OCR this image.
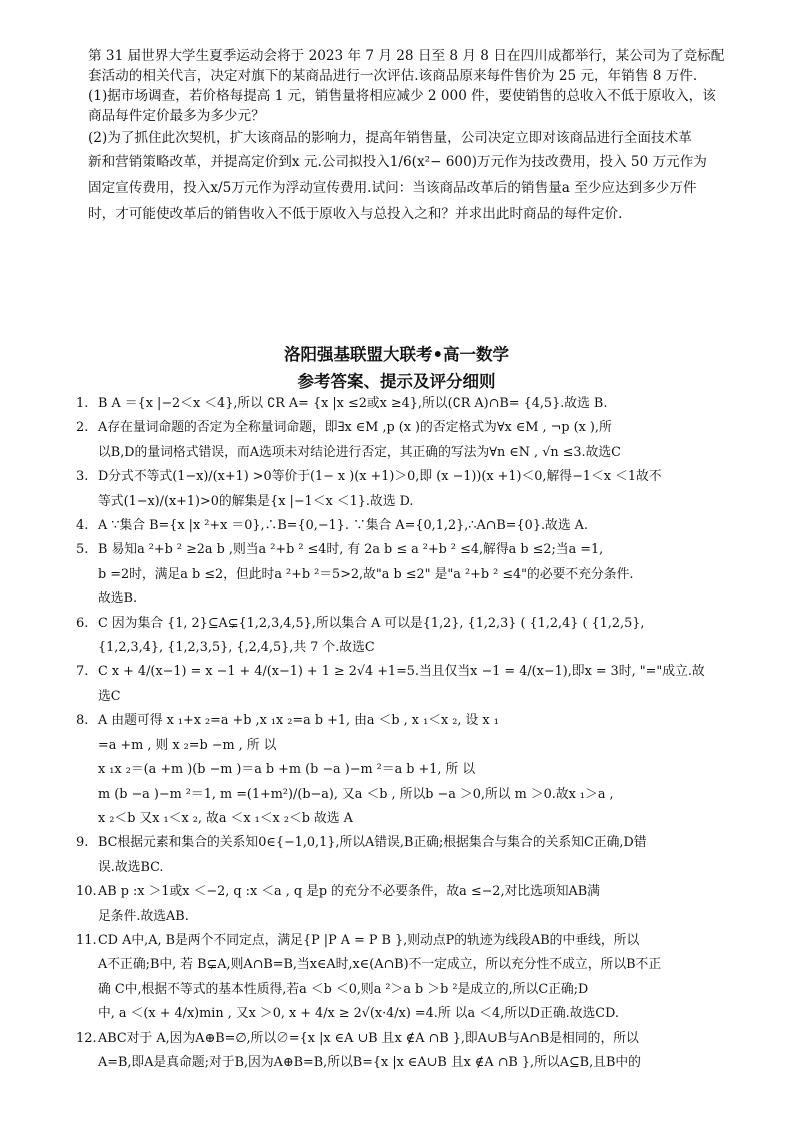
第 31 届世界大学生夏季运动会将于 2023 年 7 月 28 日至 8 月 8 日在四川成都举行，某公司为了竞标配
套活动的相关代言，决定对旗下的某商品进行一次评估.该商品原来每件售价为 25 元，年销售 8 万件.
(1)据市场调查，若价格每提高 1 元，销售量将相应减少 2 000 件，要使销售的总收入不低于原收入，该
商品每件定价最多为多少元？
(2)为了抓住此次契机，扩大该商品的影响力，提高年销售量，公司决定立即对该商品进行全面技术革
新和营销策略改革，并提高定价到x 元.公司拟投入1/6(x²− 600)万元作为技改费用，投入 50 万元作为
固定宣传费用，投入x/5万元作为浮动宣传费用.试问：当该商品改革后的销售量a 至少应达到多少万件
时，才可能使改革后的销售收入不低于原收入与总投入之和？并求出此时商品的每件定价.
洛阳强基联盟大联考•高一数学
参考答案、提示及评分细则
1. B A ＝{x |−2＜x ＜4},所以 ∁R A= {x |x ≤2或x ≥4},所以(∁R A)∩B= {4,5}.故选 B.
2. A存在量词命题的否定为全称量词命题，即∃x ∈M ,p (x )的否定格式为∀x ∈M , ¬p (x ),所
以B,D的量词格式错误，而A选项未对结论进行否定，其正确的写法为∀n ∈N , √n ≤3.故选C
3. D分式不等式(1−x)/(x+1) >0等价于(1− x )(x +1)＞0,即 (x −1))(x +1)＜0,解得−1＜x ＜1故不
等式(1−x)/(x+1)>0的解集是{x |−1＜x ＜1}.故选 D.
4. A ∵集合 B={x |x ²+x ＝0},∴B={0,−1}. ∵集合 A={0,1,2},∴A∩B={0}.故选 A.
5. B 易知a ²+b ² ≥2a b ,则当a ²+b ² ≤4时, 有 2a b ≤ a ²+b ² ≤4,解得a b ≤2;当a =1,
b =2时，满足a b ≤2，但此时a ²+b ²＝5>2,故"a b ≤2" 是"a ²+b ² ≤4"的必要不充分条件.
故选B.
6. C 因为集合 {1, 2}⊆A⊊{1,2,3,4,5},所以集合 A 可以是{1,2}, {1,2,3} ( {1,2,4} ( {1,2,5},
{1,2,3,4}, {1,2,3,5}, {,2,4,5},共 7 个.故选C
7. C x + 4/(x−1) = x −1 + 4/(x−1) + 1 ≥ 2√4 +1=5.当且仅当x −1 = 4/(x−1),即x = 3时, "="成立.故
选C
8. A 由题可得 x ₁+x ₂=a +b ,x ₁x ₂=a b +1, 由a ＜b , x ₁＜x ₂, 设 x ₁
=a +m , 则 x ₂=b −m , 所 以
x ₁x ₂＝(a +m )(b −m )＝a b +m (b −a )−m ²＝a b +1, 所 以
m (b −a )−m ²＝1, m =(1+m²)/(b−a), 又a ＜b , 所以b −a ＞0,所以 m ＞0.故x ₁＞a ,
x ₂＜b 又x ₁＜x ₂, 故a ＜x ₁＜x ₂＜b 故选 A
9. BC根据元素和集合的关系知0∈{−1,0,1},所以A错误,B正确;根据集合与集合的关系知C正确,D错
误.故选BC.
10. AB p :x ＞1或x ＜−2, q :x ＜a , q 是p 的充分不必要条件，故a ≤−2,对比选项知AB满
足条件.故选AB.
11. CD A中,A, B是两个不同定点，满足{P |P A = P B },则动点P的轨迹为线段AB的中垂线，所以
A不正确;B中, 若 B⊊A,则A∩B=B,当x∈A时,x∈(A∩B)不一定成立，所以充分性不成立，所以B不正
确 C中,根据不等式的基本性质得,若a ＜b ＜0,则a ²＞a b ＞b ²是成立的,所以C正确;D
中, a ＜(x + 4/x)min , 又x ＞0, x + 4/x ≥ 2√(x·4/x) =4.所 以a ＜4,所以D正确.故选CD.
12. ABC对于 A,因为A⊕B=∅,所以∅={x |x ∈A ∪B 且x ∉A ∩B },即A∪B与A∩B是相同的，所以
A=B,即A是真命题;对于B,因为A⊕B=B,所以B={x |x ∈A∪B 且x ∉A ∩B },所以A⊆B,且B中的
